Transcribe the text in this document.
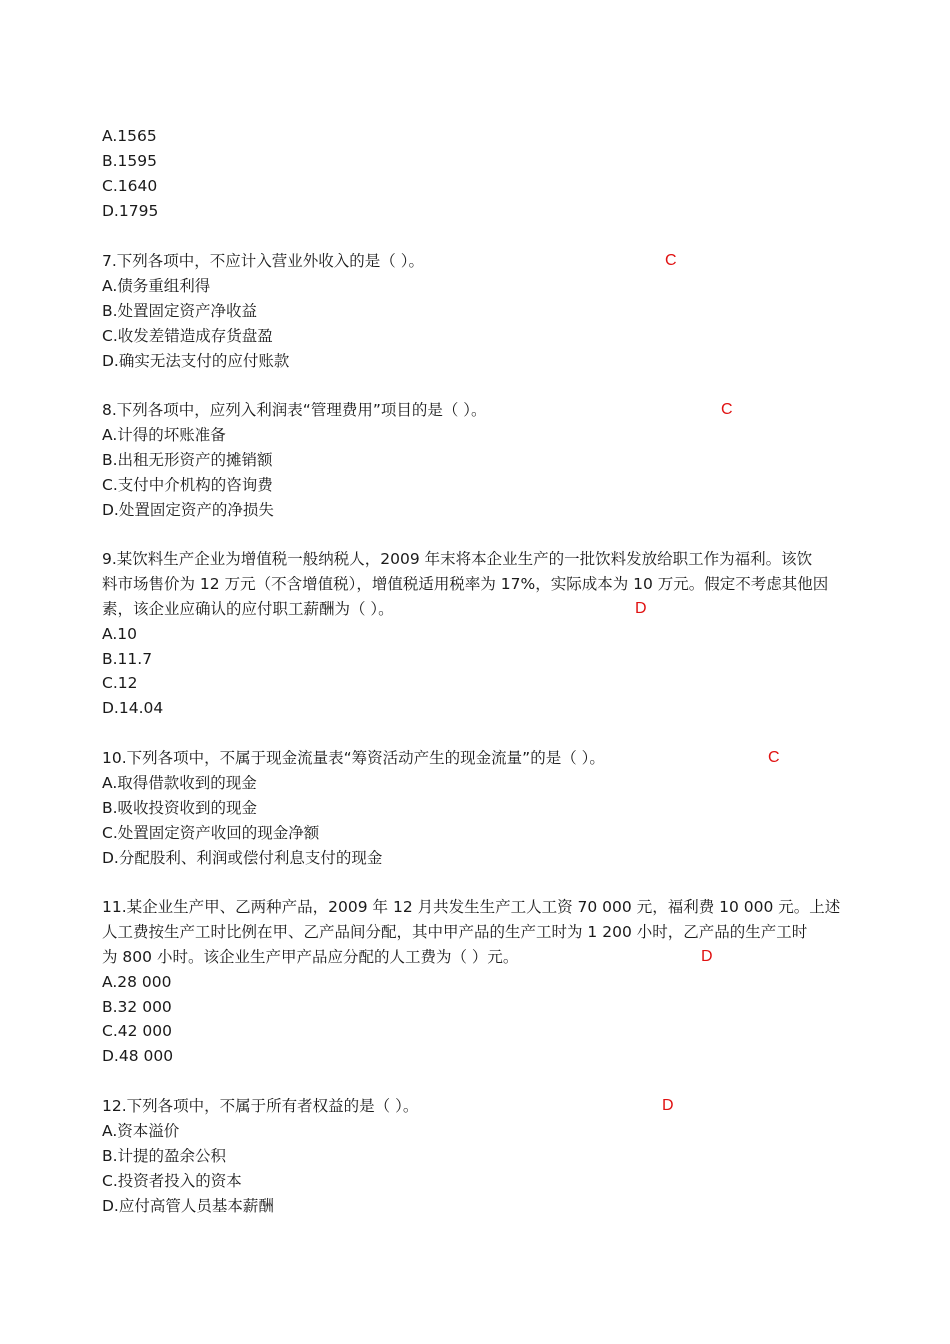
A.1565
B.1595
C.1640
D.1795
7.下列各项中，不应计入营业外收入的是（ ）。	C
A.债务重组利得
B.处置固定资产净收益
C.收发差错造成存货盘盈
D.确实无法支付的应付账款
8.下列各项中，应列入利润表“管理费用”项目的是（ ）。	C
A.计得的坏账准备
B.出租无形资产的摊销额
C.支付中介机构的咨询费
D.处置固定资产的净损失
9.某饮料生产企业为增值税一般纳税人，2009 年末将本企业生产的一批饮料发放给职工作为福利。该饮
料市场售价为 12 万元（不含增值税），增值税适用税率为 17%，实际成本为 10 万元。假定不考虑其他因
素，该企业应确认的应付职工薪酬为（ ）。	D
A.10
B.11.7
C.12
D.14.04
10.下列各项中，不属于现金流量表“筹资活动产生的现金流量”的是（ ）。	C
A.取得借款收到的现金
B.吸收投资收到的现金
C.处置固定资产收回的现金净额
D.分配股利、利润或偿付利息支付的现金
11.某企业生产甲、乙两种产品，2009 年 12 月共发生生产工人工资 70 000 元，福利费 10 000 元。上述
人工费按生产工时比例在甲、乙产品间分配，其中甲产品的生产工时为 1 200 小时，乙产品的生产工时
为 800 小时。该企业生产甲产品应分配的人工费为（ ）元。	D
A.28 000
B.32 000
C.42 000
D.48 000
12.下列各项中，不属于所有者权益的是（ ）。	D
A.资本溢价
B.计提的盈余公积
C.投资者投入的资本
D.应付高管人员基本薪酬
